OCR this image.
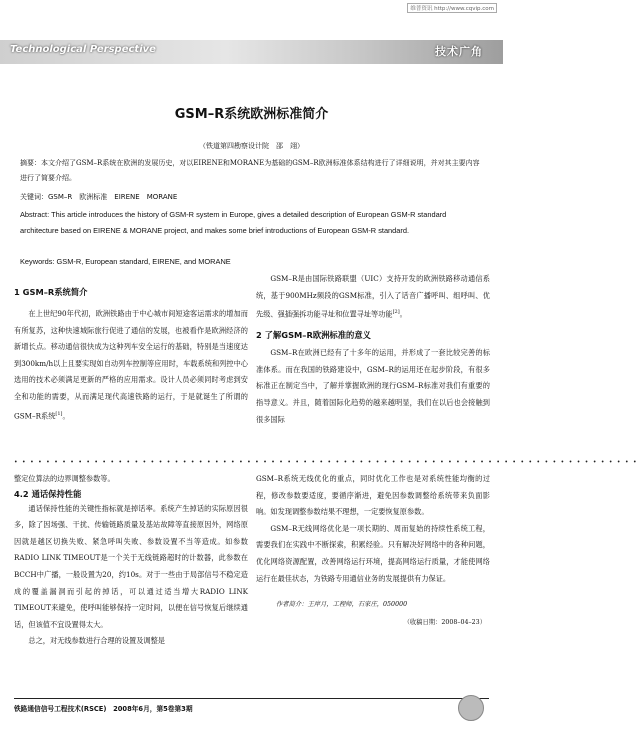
维普资讯 http://www.cqvip.com
Technological Perspective	技术广角
GSM–R系统欧洲标准简介
（铁道第四勘察设计院　邵　翊）
摘要：本文介绍了GSM–R系统在欧洲的发展历史，对以EIRENE和MORANE为基础的GSM–R欧洲标准体系结构进行了详细说明，并对其主要内容进行了简要介绍。
关键词：GSM–R　欧洲标准　EIRENE　MORANE
Abstract: This article introduces the history of GSM-R system in Europe, gives a detailed description of European GSM-R standard architecture based on EIRENE & MORANE project, and makes some brief introductions of European GSM-R standard.
Keywords: GSM-R, European standard, EIRENE, and MORANE
1 GSM–R系统简介

在上世纪90年代初，欧洲铁路由于中心城市间短途客运需求的增加而有所复苏，这种快速城际旅行促进了通信的发展，也被看作是欧洲经济的新增长点。移动通信很快成为这种列车安全运行的基础，特别是当速度达到300km/h以上且要实现如自动列车控制等应用时，车载系统和列控中心选用的技术必须满足更新的严格的应用需求。设计人员必须同时考虑到安全和功能的需要，从而满足现代高速铁路的运行，于是就诞生了所谓的GSM–R系统[1]。

GSM–R是由国际铁路联盟（UIC）支持开发的欧洲铁路移动通信系统，基于900MHz频段的GSM标准，引入了话音广播呼叫、组呼叫、优先级、强插强拆功能寻址和位置寻址等功能[2]。

2 了解GSM–R欧洲标准的意义

GSM–R在欧洲已经有了十多年的运用，并形成了一套比较完善的标准体系。而在我国的铁路建设中，GSM–R的运用还在起步阶段，有很多标准正在制定当中，了解并掌握欧洲的现行GSM–R标准对我们有重要的指导意义。并且，随着国际化趋势的越来越明显，我们在以后也会接触到很多国际

••••••••••••••••••••••••••••••••••••••••••••••••••••••••••••••••••••••••••••••
整定位算法的边界调整参数等。
4.2 通话保持性能

通话保持性能的关键性指标就是掉话率。系统产生掉话的实际原因很多，除了因场强、干扰、传输链路质量及基站故障等直接原因外，网络原因就是越区切换失败、紧急呼叫失败、参数设置不当等造成。如参数RADIO LINK TIMEOUT是一个关于无线链路超时的计数器，此参数在BCCH中广播，一般设置为20，约10s。对于一些由于局部信号不稳定造成的覆盖漏洞而引起的掉话，可以通过适当增大RADIO LINK TIMEOUT来避免，使呼叫能够保持一定时间，以便在信号恢复后继续通话，但该值不宜设置得太大。

总之，对无线参数进行合理的设置及调整是

GSM–R系统无线优化的重点，同时优化工作也是对系统性能均衡的过程，修改参数要适度，要循序渐进，避免因参数调整给系统带来负面影响。如发现调整参数结果不理想，一定要恢复原参数。

GSM–R无线网络优化是一项长期的、周而复始的持续性系统工程，需要我们在实践中不断探索，积累经验。只有解决好网络中的各种问题，优化网络资源配置，改善网络运行环境，提高网络运行质量，才能使网络运行在最佳状态，为铁路专用通信业务的发展提供有力保证。

作者简介：王岸月，工程师，石家庄，050000
（收稿日期：2008–04–23）
铁路通信信号工程技术(RSCE)　2008年6月，第5卷第3期
